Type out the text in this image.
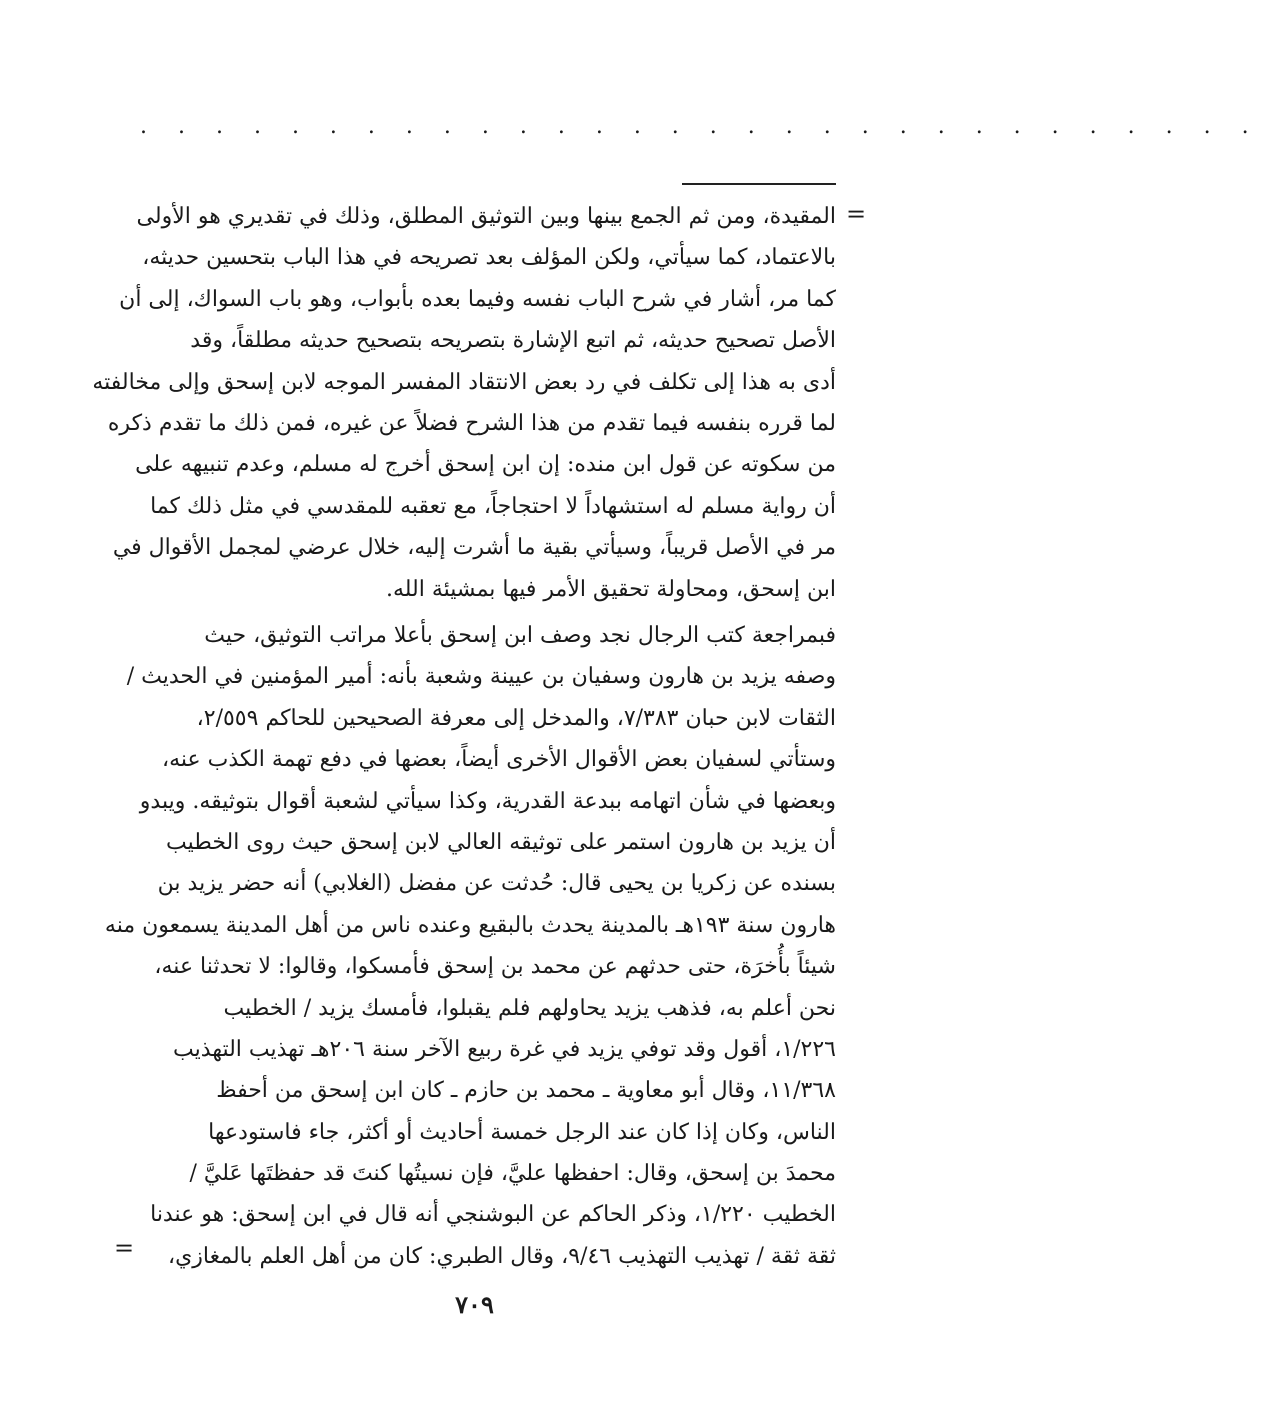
. . . . . . . . . . . . . . . . . . . . . . . . . . . . . .
=
المقيدة، ومن ثم الجمع بينها وبين التوثيق المطلق، وذلك في تقديري هو الأولى
بالاعتماد، كما سيأتي، ولكن المؤلف بعد تصريحه في هذا الباب بتحسين حديثه،
كما مر، أشار في شرح الباب نفسه وفيما بعده بأبواب، وهو باب السواك، إلى أن
الأصل تصحيح حديثه، ثم اتبع الإشارة بتصريحه بتصحيح حديثه مطلقاً، وقد
أدى به هذا إلى تكلف في رد بعض الانتقاد المفسر الموجه لابن إسحق وإلى مخالفته
لما قرره بنفسه فيما تقدم من هذا الشرح فضلاً عن غيره، فمن ذلك ما تقدم ذكره
من سكوته عن قول ابن منده: إن ابن إسحق أخرج له مسلم، وعدم تنبيهه على
أن رواية مسلم له استشهاداً لا احتجاجاً، مع تعقبه للمقدسي في مثل ذلك كما
مر في الأصل قريباً، وسيأتي بقية ما أشرت إليه، خلال عرضي لمجمل الأقوال في
ابن إسحق، ومحاولة تحقيق الأمر فيها بمشيئة الله.
فبمراجعة كتب الرجال نجد وصف ابن إسحق بأعلا مراتب التوثيق، حيث
وصفه يزيد بن هارون وسفيان بن عيينة وشعبة بأنه: أمير المؤمنين في الحديث /
الثقات لابن حبان ٧/٣٨٣، والمدخل إلى معرفة الصحيحين للحاكم ٢/٥٥٩،
وستأتي لسفيان بعض الأقوال الأخرى أيضاً، بعضها في دفع تهمة الكذب عنه،
وبعضها في شأن اتهامه ببدعة القدرية، وكذا سيأتي لشعبة أقوال بتوثيقه. ويبدو
أن يزيد بن هارون استمر على توثيقه العالي لابن إسحق حيث روى الخطيب
بسنده عن زكريا بن يحيى قال: حُدثت عن مفضل (الغلابي) أنه حضر يزيد بن
هارون سنة ١٩٣هـ بالمدينة يحدث بالبقيع وعنده ناس من أهل المدينة يسمعون منه
شيئاً بأُخرَة، حتى حدثهم عن محمد بن إسحق فأمسكوا، وقالوا: لا تحدثنا عنه،
نحن أعلم به، فذهب يزيد يحاولهم فلم يقبلوا، فأمسك يزيد / الخطيب
١/٢٢٦، أقول وقد توفي يزيد في غرة ربيع الآخر سنة ٢٠٦هـ تهذيب التهذيب
١١/٣٦٨، وقال أبو معاوية ـ محمد بن حازم ـ كان ابن إسحق من أحفظ
الناس، وكان إذا كان عند الرجل خمسة أحاديث أو أكثر، جاء فاستودعها
محمدَ بن إسحق، وقال: احفظها عليَّ، فإن نسيتُها كنتَ قد حفظتَها عَليَّ /
الخطيب ١/٢٢٠، وذكر الحاكم عن البوشنجي أنه قال في ابن إسحق: هو عندنا
ثقة ثقة / تهذيب التهذيب ٩/٤٦، وقال الطبري: كان من أهل العلم بالمغازي،
=
٧٠٩
